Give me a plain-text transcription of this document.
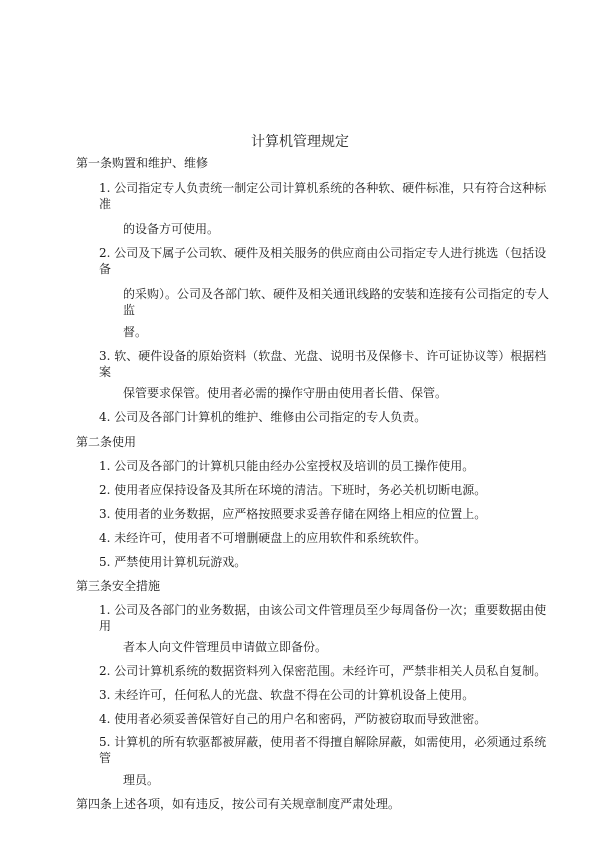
计算机管理规定
第一条购置和维护、维修
1. 公司指定专人负责统一制定公司计算机系统的各种软、硬件标准，只有符合这种标准
的设备方可使用。
2. 公司及下属子公司软、硬件及相关服务的供应商由公司指定专人进行挑选（包括设备
的采购）。公司及各部门软、硬件及相关通讯线路的安装和连接有公司指定的专人监
督。
3. 软、硬件设备的原始资料（软盘、光盘、说明书及保修卡、许可证协议等）根据档案
保管要求保管。使用者必需的操作守册由使用者长借、保管。
4. 公司及各部门计算机的维护、维修由公司指定的专人负责。
第二条使用
1. 公司及各部门的计算机只能由经办公室授权及培训的员工操作使用。
2. 使用者应保持设备及其所在环境的清洁。下班时，务必关机切断电源。
3. 使用者的业务数据，应严格按照要求妥善存储在网络上相应的位置上。
4. 未经许可，使用者不可增删硬盘上的应用软件和系统软件。
5. 严禁使用计算机玩游戏。
第三条安全措施
1. 公司及各部门的业务数据，由该公司文件管理员至少每周备份一次；重要数据由使用
者本人向文件管理员申请做立即备份。
2. 公司计算机系统的数据资料列入保密范围。未经许可，严禁非相关人员私自复制。
3. 未经许可，任何私人的光盘、软盘不得在公司的计算机设备上使用。
4. 使用者必须妥善保管好自己的用户名和密码，严防被窃取而导致泄密。
5. 计算机的所有软驱都被屏蔽，使用者不得擅自解除屏蔽，如需使用，必须通过系统管
理员。
第四条上述各项，如有违反，按公司有关规章制度严肃处理。
